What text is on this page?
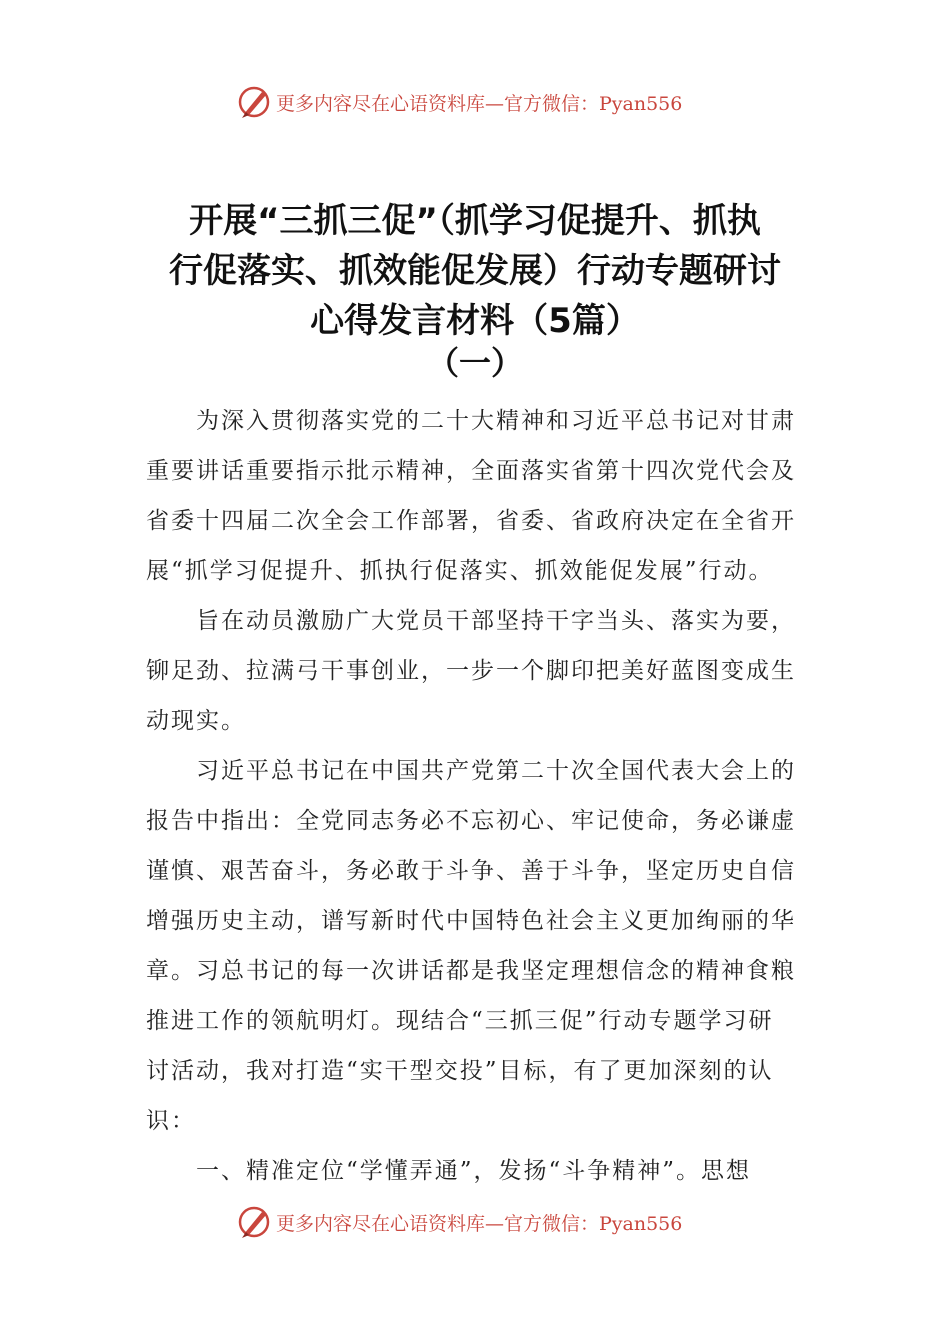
更多内容尽在心语资料库—官方微信：Pyan556
开展“三抓三促”（抓学习促提升、抓执
行促落实、抓效能促发展）行动专题研讨
心得发言材料（5篇）
（一）

为深入贯彻落实党的二十大精神和习近平总书记对甘肃
重要讲话重要指示批示精神，全面落实省第十四次党代会及
省委十四届二次全会工作部署，省委、省政府决定在全省开
展“抓学习促提升、抓执行促落实、抓效能促发展”行动。

旨在动员激励广大党员干部坚持干字当头、落实为要，
铆足劲、拉满弓干事创业，一步一个脚印把美好蓝图变成生
动现实。

习近平总书记在中国共产党第二十次全国代表大会上的
报告中指出：全党同志务必不忘初心、牢记使命，务必谦虚
谨慎、艰苦奋斗，务必敢于斗争、善于斗争，坚定历史自信
增强历史主动，谱写新时代中国特色社会主义更加绚丽的华
章。习总书记的每一次讲话都是我坚定理想信念的精神食粮
推进工作的领航明灯。现结合“三抓三促”行动专题学习研
讨活动，我对打造“实干型交投”目标，有了更加深刻的认
识：

一、精准定位“学懂弄通”，发扬“斗争精神”。思想

更多内容尽在心语资料库—官方微信：Pyan556
